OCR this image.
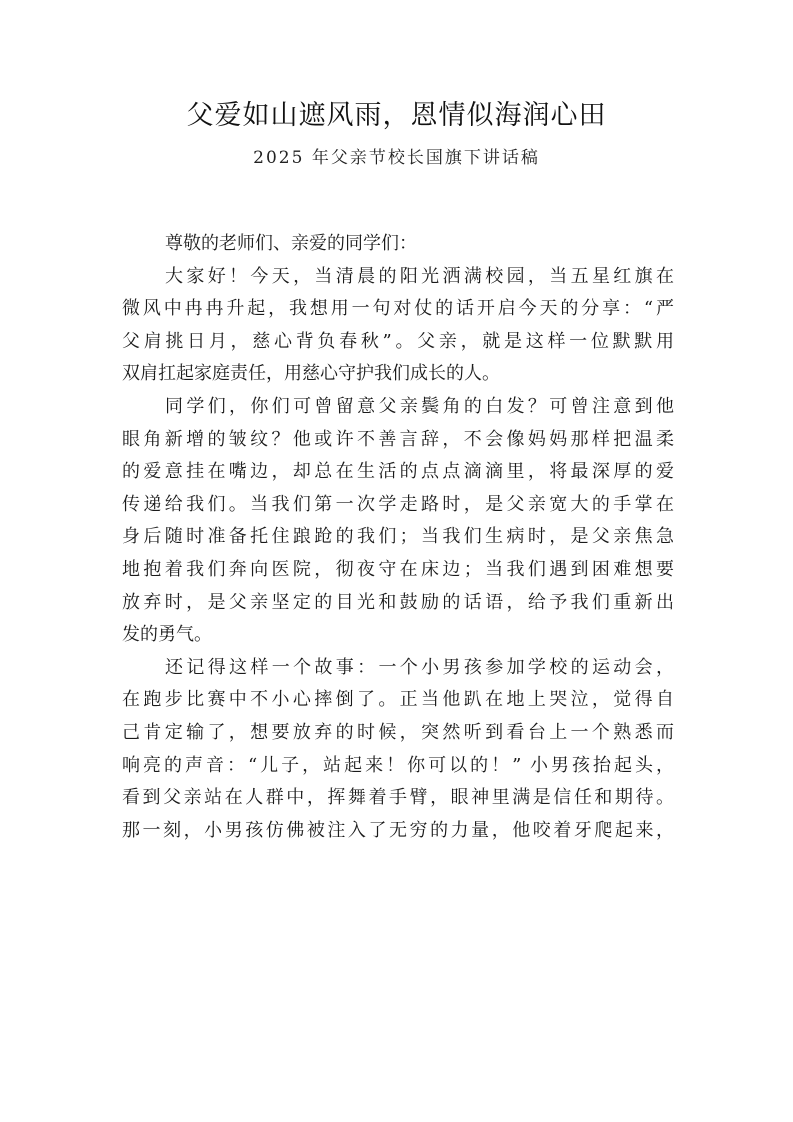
父爱如山遮风雨，恩情似海润心田
2025 年父亲节校长国旗下讲话稿
尊敬的老师们、亲爱的同学们：
大家好！今天，当清晨的阳光洒满校园，当五星红旗在
微风中冉冉升起，我想用一句对仗的话开启今天的分享：“严
父肩挑日月，慈心背负春秋”。父亲，就是这样一位默默用
双肩扛起家庭责任，用慈心守护我们成长的人。
同学们，你们可曾留意父亲鬓角的白发？可曾注意到他
眼角新增的皱纹？他或许不善言辞，不会像妈妈那样把温柔
的爱意挂在嘴边，却总在生活的点点滴滴里，将最深厚的爱
传递给我们。当我们第一次学走路时，是父亲宽大的手掌在
身后随时准备托住踉跄的我们；当我们生病时，是父亲焦急
地抱着我们奔向医院，彻夜守在床边；当我们遇到困难想要
放弃时，是父亲坚定的目光和鼓励的话语，给予我们重新出
发的勇气。
还记得这样一个故事：一个小男孩参加学校的运动会，
在跑步比赛中不小心摔倒了。正当他趴在地上哭泣，觉得自
己肯定输了，想要放弃的时候，突然听到看台上一个熟悉而
响亮的声音：“儿子，站起来！你可以的！” 小男孩抬起头，
看到父亲站在人群中，挥舞着手臂，眼神里满是信任和期待。
那一刻，小男孩仿佛被注入了无穷的力量，他咬着牙爬起来，
